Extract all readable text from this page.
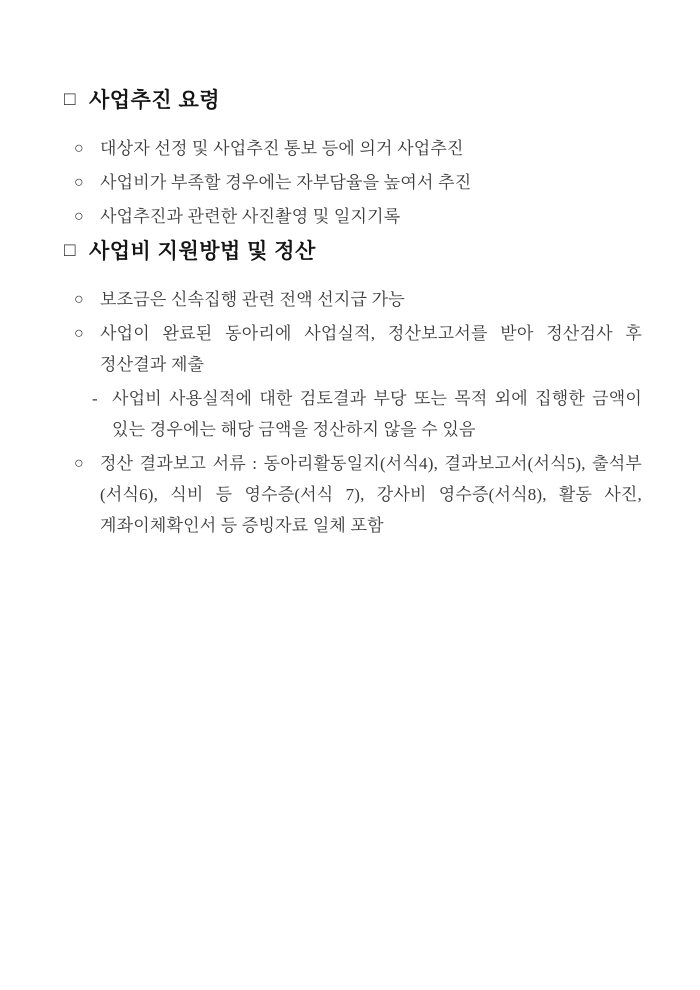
□ 사업추진 요령
○ 대상자 선정 및 사업추진 통보 등에 의거 사업추진
○ 사업비가 부족할 경우에는 자부담율을 높여서 추진
○ 사업추진과 관련한 사진촬영 및 일지기록
□ 사업비 지원방법 및 정산
○ 보조금은 신속집행 관련 전액 선지급 가능
○ 사업이 완료된 동아리에 사업실적, 정산보고서를 받아 정산검사 후 정산결과 제출
- 사업비 사용실적에 대한 검토결과 부당 또는 목적 외에 집행한 금액이 있는 경우에는 해당 금액을 정산하지 않을 수 있음
○ 정산 결과보고 서류 : 동아리활동일지(서식4), 결과보고서(서식5), 출석부(서식6), 식비 등 영수증(서식 7), 강사비 영수증(서식8), 활동 사진, 계좌이체확인서 등 증빙자료 일체 포함
